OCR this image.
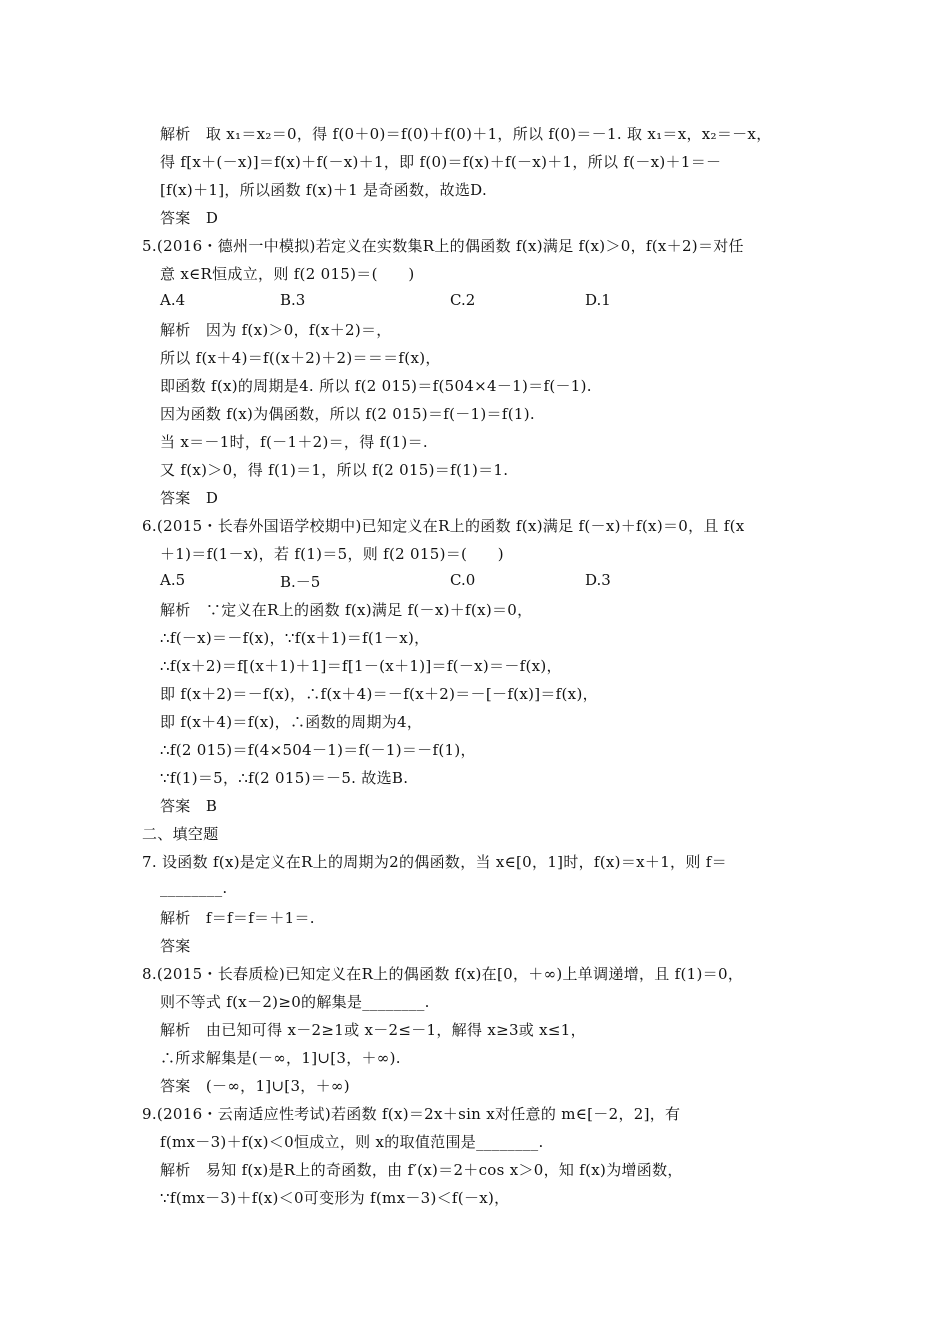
解析　取 x₁＝x₂＝0，得 f(0＋0)＝f(0)＋f(0)＋1，所以 f(0)＝－1. 取 x₁＝x，x₂＝－x，
得 f[x＋(－x)]＝f(x)＋f(－x)＋1，即 f(0)＝f(x)＋f(－x)＋1，所以 f(－x)＋1＝－
[f(x)＋1]，所以函数 f(x)＋1 是奇函数，故选D.
答案　D
5.(2016・德州一中模拟)若定义在实数集R上的偶函数 f(x)满足 f(x)＞0，f(x＋2)＝对任
意 x∈R恒成立，则 f(2 015)＝(　　)
A.4	B.3	C.2	D.1
解析　因为 f(x)＞0，f(x＋2)＝，
所以 f(x＋4)＝f((x＋2)＋2)＝＝＝f(x)，
即函数 f(x)的周期是4. 所以 f(2 015)＝f(504×4－1)＝f(－1).
因为函数 f(x)为偶函数，所以 f(2 015)＝f(－1)＝f(1).
当 x＝－1时，f(－1＋2)＝，得 f(1)＝.
又 f(x)＞0，得 f(1)＝1，所以 f(2 015)＝f(1)＝1.
答案　D
6.(2015・长春外国语学校期中)已知定义在R上的函数 f(x)满足 f(－x)＋f(x)＝0，且 f(x
＋1)＝f(1－x)，若 f(1)＝5，则 f(2 015)＝(　　)
A.5	B.－5	C.0	D.3
解析　∵定义在R上的函数 f(x)满足 f(－x)＋f(x)＝0，
∴f(－x)＝－f(x)，∵f(x＋1)＝f(1－x)，
∴f(x＋2)＝f[(x＋1)＋1]＝f[1－(x＋1)]＝f(－x)＝－f(x)，
即 f(x＋2)＝－f(x)，∴f(x＋4)＝－f(x＋2)＝－[－f(x)]＝f(x)，
即 f(x＋4)＝f(x)，∴函数的周期为4，
∴f(2 015)＝f(4×504－1)＝f(－1)＝－f(1)，
∵f(1)＝5，∴f(2 015)＝－5. 故选B.
答案　B
二、填空题
7. 设函数 f(x)是定义在R上的周期为2的偶函数，当 x∈[0，1]时，f(x)＝x＋1，则 f＝
________.
解析　f＝f＝f＝＋1＝.
答案
8.(2015・长春质检)已知定义在R上的偶函数 f(x)在[0，＋∞)上单调递增，且 f(1)＝0，
则不等式 f(x－2)≥0的解集是________.
解析　由已知可得 x－2≥1或 x－2≤－1，解得 x≥3或 x≤1，
∴所求解集是(－∞，1]∪[3，＋∞).
答案　(－∞，1]∪[3，＋∞)
9.(2016・云南适应性考试)若函数 f(x)＝2x＋sin x对任意的 m∈[－2，2]，有
f(mx－3)＋f(x)＜0恒成立，则 x的取值范围是________.
解析　易知 f(x)是R上的奇函数，由 f′(x)＝2＋cos x＞0，知 f(x)为增函数，
∵f(mx－3)＋f(x)＜0可变形为 f(mx－3)＜f(－x)，
